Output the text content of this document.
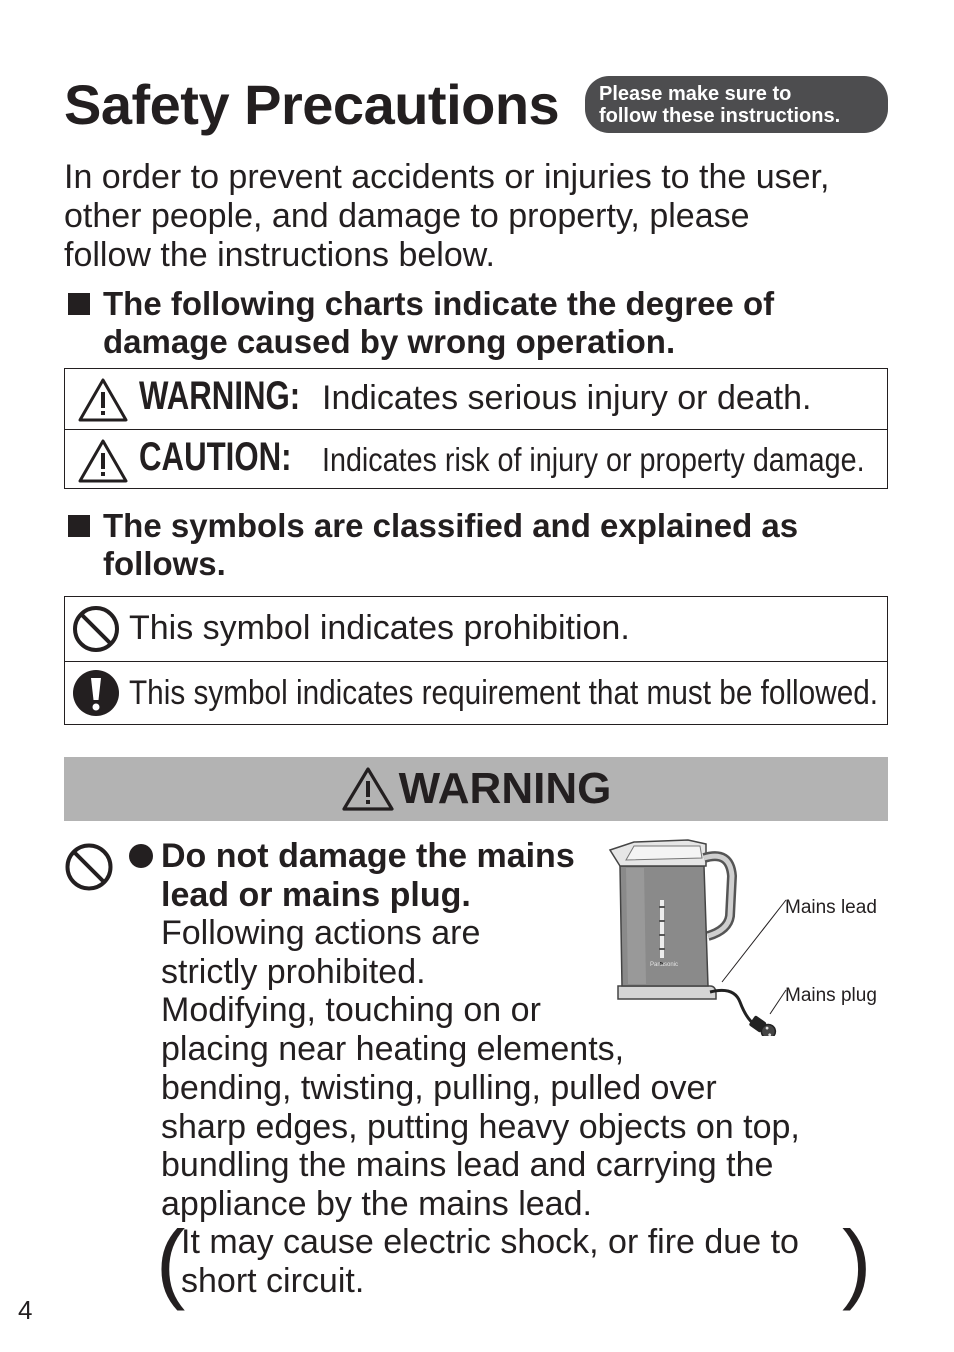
Safety Precautions Please make sure to
follow these instructions.
In order to prevent accidents or injuries to the user,
other people, and damage to property, please
follow the instructions below.
The following charts indicate the degree of
damage caused by wrong operation.
WARNING: Indicates serious injury or death.
CAUTION: Indicates risk of injury or property damage.
The symbols are classified and explained as
follows.
This symbol indicates prohibition.
This symbol indicates requirement that must be followed.
WARNING
Do not damage the mains
lead or mains plug.
Following actions are
strictly prohibited.
Modifying, touching on or
placing near heating elements,
bending, twisting, pulling, pulled over
sharp edges, putting heavy objects on top,
bundling the mains lead and carrying the
appliance by the mains lead.
(
It may cause electric shock, or fire due to
short circuit.	)
Panasonic
Mains lead
Mains plug
4
